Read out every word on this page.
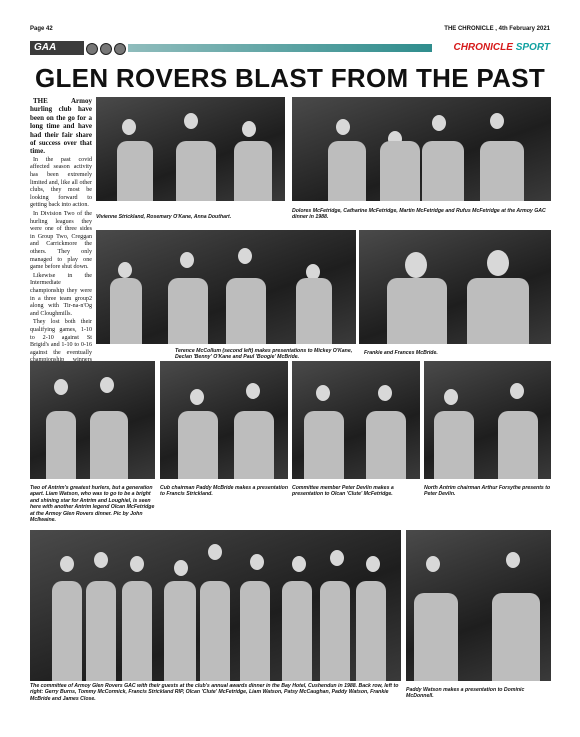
Page 42	THE CHRONICLE , 4th February 2021
GAA	CHRONICLE SPORT
GLEN ROVERS BLAST FROM THE PAST

THE Armoy hurling club have been on the go for a long time and have had their fair share of success over that time.

In the past covid affected season activity has been extremely limited and, like all other clubs, they most be looking forward to getting back into action.

In Division Two of the hurling leagues they were one of three sides in Group Two, Creggan and Carrickmore the others. They only managed to play one game before shut down.

Likewise in the Intermediate championship they were in a three team group2 along with Tir-na-n'Og and Cloughmills.

They lost both their qualifying games, 1-10 to 2-10 against St Brigid's and 1-10 to 0-16 against the eventually

Vivienne Strickland, Rosemary O'Kane, Anna Douthart.
Dolores McFetridge, Catharine McFetridge, Martin McFetridge and Rufus McFetridge at the Armoy GAC dinner in 1988.
Terence McCollum (second left) makes presentations to Mickey O'Kane, Declan 'Benny' O'Kane and Paul 'Boogie' McBride.
Frankie and Frances McBride.
Two of Antrim's greatest hurlers, but a generation apart. Liam Watson, who was to go to be a bright and shining star for Antrim and Loughiel, is seen here with another Antrim legend Olcan McFetridge at the Armoy Glen Rovers dinner. Pic by John McIlwaine.
Cub chairman Paddy McBride makes a presentation to Francis Strickland.
Committee member Peter Devlin makes a presentation to Olcan 'Clute' McFetridge.
North Antrim chairman Arthur Forsythe presents to Peter Devlin.
The committee of Armoy Glen Rovers GAC with their guests at the club's annual awards dinner in the Bay Hotel, Cushendun in 1988. Back row, left to right: Gerry Burns, Tommy McCormick, Francis Strickland RIP, Olcan 'Clute' McFetridge, Liam Watson, Patsy McCaughan, Paddy Watson, Frankie McBride and James Close.
Paddy Watson makes a presentation to Dominic McDonnell.
